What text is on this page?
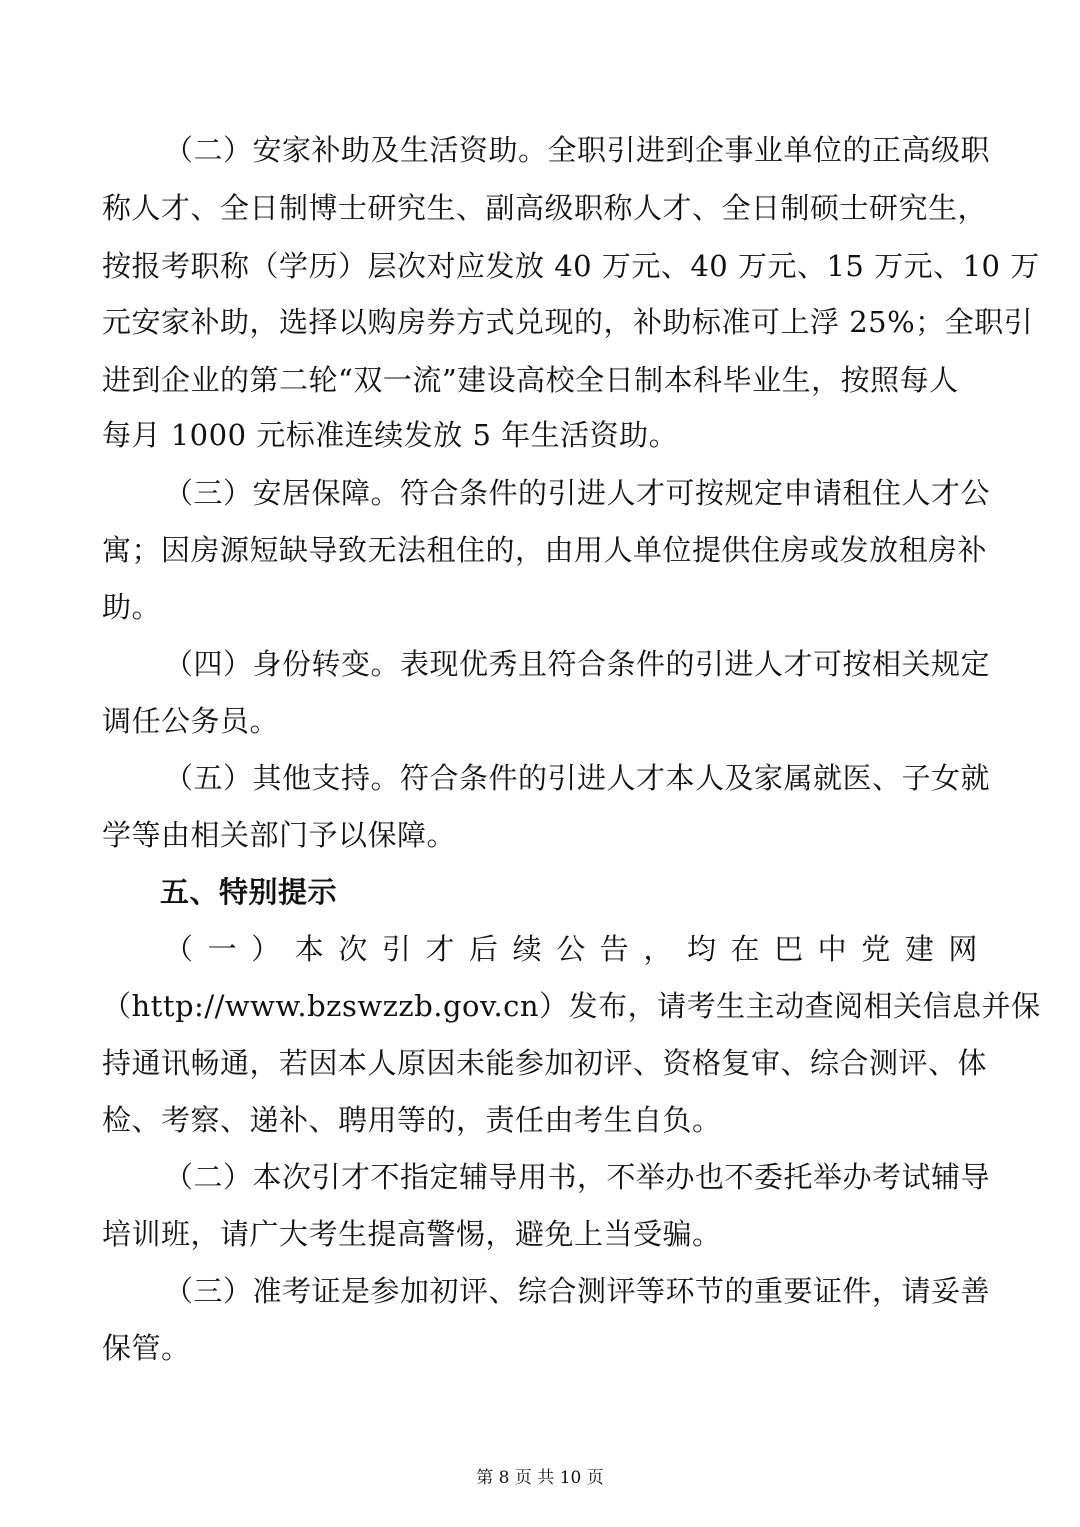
（二）安家补助及生活资助。全职引进到企事业单位的正高级职
称人才、全日制博士研究生、副高级职称人才、全日制硕士研究生，
按报考职称（学历）层次对应发放 40 万元、40 万元、15 万元、10 万
元安家补助，选择以购房券方式兑现的，补助标准可上浮 25%；全职引
进到企业的第二轮“双一流”建设高校全日制本科毕业生，按照每人
每月 1000 元标准连续发放 5 年生活资助。
（三）安居保障。符合条件的引进人才可按规定申请租住人才公
寓；因房源短缺导致无法租住的，由用人单位提供住房或发放租房补
助。
（四）身份转变。表现优秀且符合条件的引进人才可按相关规定
调任公务员。
（五）其他支持。符合条件的引进人才本人及家属就医、子女就
学等由相关部门予以保障。
五、特别提示
（ 一 ） 本 次 引 才 后 续 公 告 ， 均 在 巴 中 党 建 网
（http://www.bzswzzb.gov.cn）发布，请考生主动查阅相关信息并保
持通讯畅通，若因本人原因未能参加初评、资格复审、综合测评、体
检、考察、递补、聘用等的，责任由考生自负。
（二）本次引才不指定辅导用书，不举办也不委托举办考试辅导
培训班，请广大考生提高警惕，避免上当受骗。
（三）准考证是参加初评、综合测评等环节的重要证件，请妥善
保管。
第 8 页 共 10 页
